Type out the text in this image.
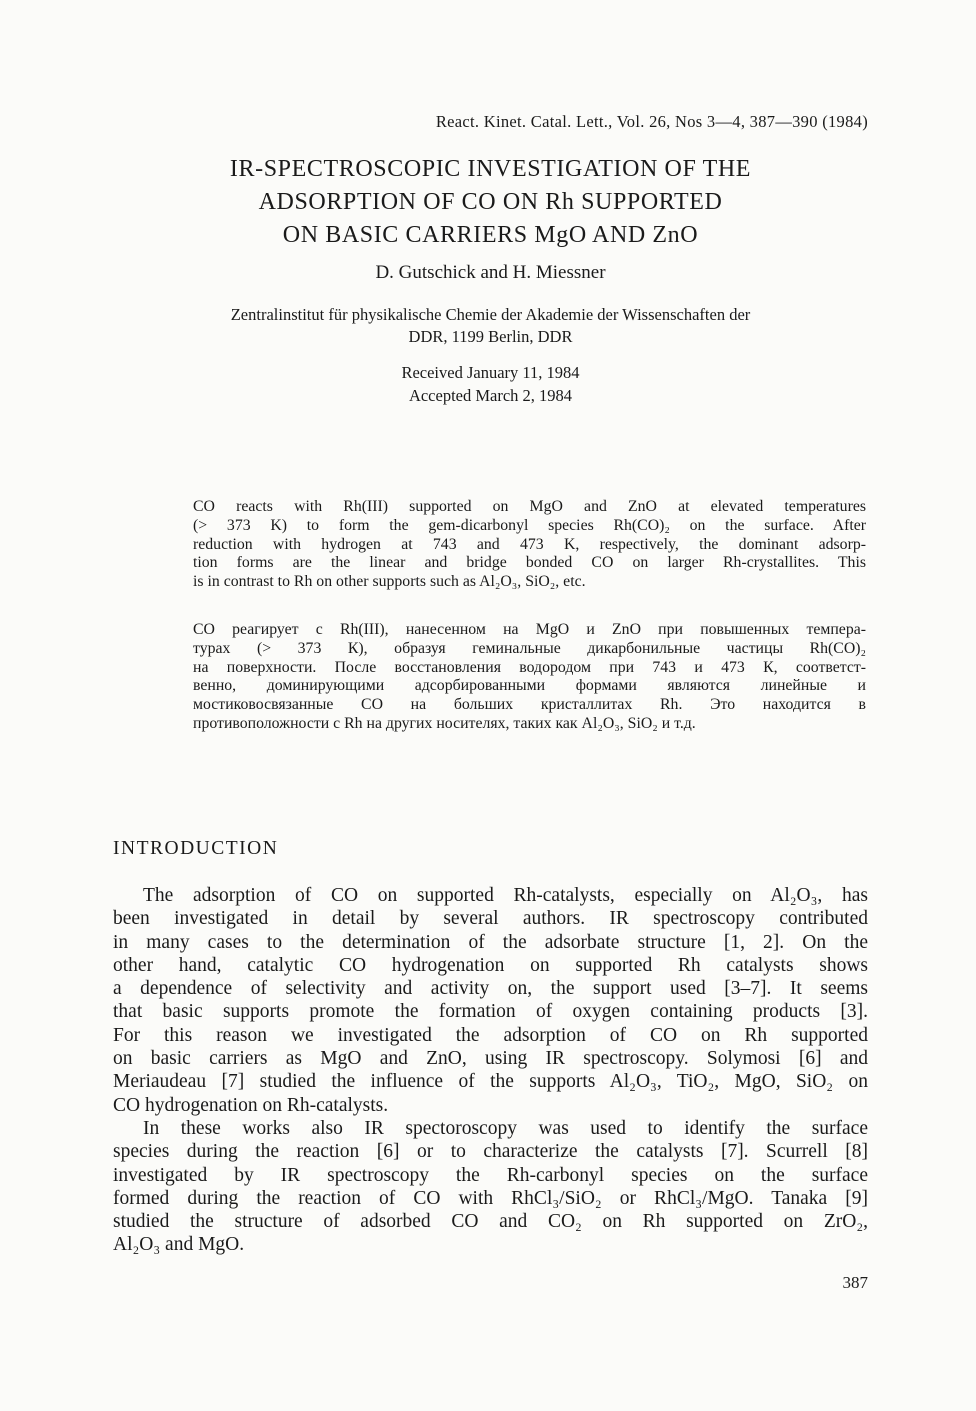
React. Kinet. Catal. Lett., Vol. 26, Nos 3—4, 387—390 (1984)
IR-SPECTROSCOPIC INVESTIGATION OF THE
ADSORPTION OF CO ON Rh SUPPORTED
ON BASIC CARRIERS MgO AND ZnO
D. Gutschick and H. Miessner
Zentralinstitut für physikalische Chemie der Akademie der Wissenschaften der
DDR, 1199 Berlin, DDR
Received January 11, 1984
Accepted March 2, 1984
CO reacts with Rh(III) supported on MgO and ZnO at elevated temperatures
(> 373 K) to form the gem-dicarbonyl species Rh(CO)₂ on the surface. After
reduction with hydrogen at 743 and 473 K, respectively, the dominant adsorp-
tion forms are the linear and bridge bonded CO on larger Rh-crystallites. This
is in contrast to Rh on other supports such as Al₂O₃, SiO₂, etc.
CO реагирует с Rh(III), нанесенном на MgO и ZnO при повышенных темпера-
турах (> 373 К), образуя геминальные дикарбонильные частицы Rh(CO)₂
на поверхности. После восстановления водородом при 743 и 473 К, соответст-
венно, доминирующими адсорбированными формами являются линейные и
мостиковосвязанные CO на больших кристаллитах Rh. Это находится в
противоположности с Rh на других носителях, таких как Al₂O₃, SiO₂ и т.д.
INTRODUCTION
The adsorption of CO on supported Rh-catalysts, especially on Al₂O₃, has
been investigated in detail by several authors. IR spectroscopy contributed
in many cases to the determination of the adsorbate structure [1, 2]. On the
other hand, catalytic CO hydrogenation on supported Rh catalysts shows
a dependence of selectivity and activity on, the support used [3–7]. It seems
that basic supports promote the formation of oxygen containing products [3].
For this reason we investigated the adsorption of CO on Rh supported
on basic carriers as MgO and ZnO, using IR spectroscopy. Solymosi [6] and
Meriaudeau [7] studied the influence of the supports Al₂O₃, TiO₂, MgO, SiO₂ on
CO hydrogenation on Rh-catalysts.
In these works also IR spectoroscopy was used to identify the surface
species during the reaction [6] or to characterize the catalysts [7]. Scurrell [8]
investigated by IR spectroscopy the Rh-carbonyl species on the surface
formed during the reaction of CO with RhCl₃/SiO₂ or RhCl₃/MgO. Tanaka [9]
studied the structure of adsorbed CO and CO₂ on Rh supported on ZrO₂,
Al₂O₃ and MgO.
387
